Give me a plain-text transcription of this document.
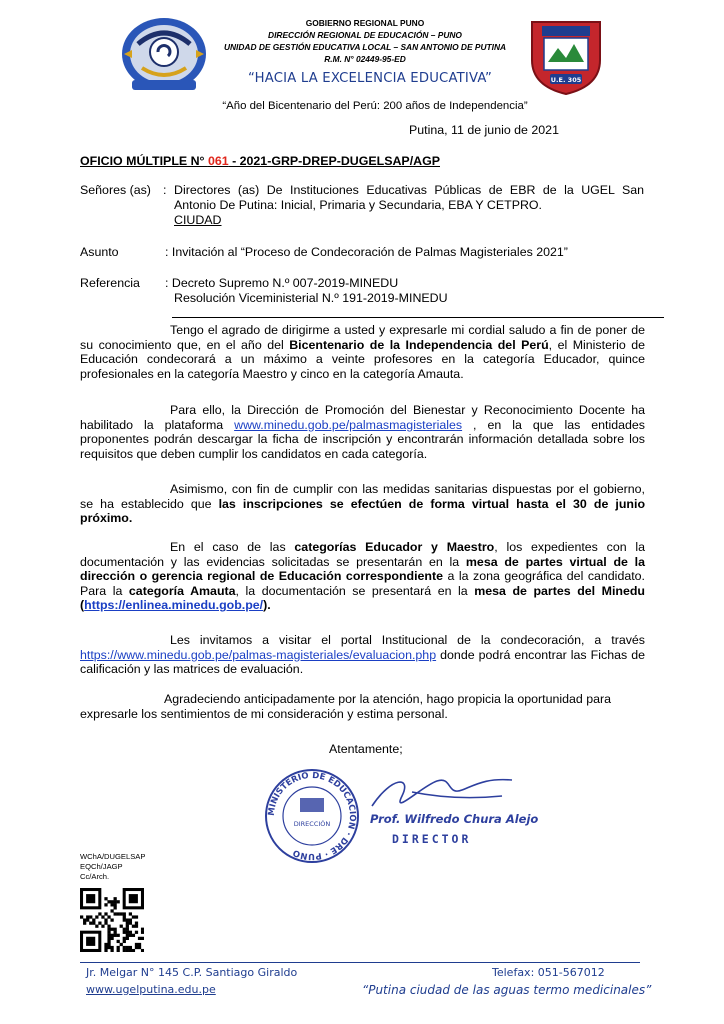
GOBIERNO REGIONAL PUNO
DIRECCIÓN REGIONAL DE EDUCACIÓN – PUNO
UNIDAD DE GESTIÓN EDUCATIVA LOCAL – SAN ANTONIO DE PUTINA
R.M. N° 02449-95-ED
“HACIA LA EXCELENCIA EDUCATIVA”	U.E. 305
“Año del Bicentenario del Perú: 200 años de Independencia”
Putina, 11 de junio de 2021
OFICIO MÚLTIPLE N° 061 - 2021-GRP-DREP-DUGELSAP/AGP
Señores (as) : Directores (as) De Instituciones Educativas Públicas de EBR de la UGEL San
Antonio De Putina: Inicial, Primaria y Secundaria, EBA Y CETPRO.
CIUDAD
Asunto	: Invitación al “Proceso de Condecoración de Palmas Magisteriales 2021”
Referencia : Decreto Supremo N.º 007-2019-MINEDU
Resolución Viceministerial N.º 191-2019-MINEDU
Tengo el agrado de dirigirme a usted y expresarle mi cordial saludo a fin de poner de su conocimiento que, en el año del Bicentenario de la Independencia del Perú, el Ministerio de Educación condecorará a un máximo a veinte profesores en la categoría Educador, quince profesionales en la categoría Maestro y cinco en la categoría Amauta.
Para ello, la Dirección de Promoción del Bienestar y Reconocimiento Docente ha habilitado la plataforma www.minedu.gob.pe/palmasmagisteriales , en la que las entidades proponentes podrán descargar la ficha de inscripción y encontrarán información detallada sobre los requisitos que deben cumplir los candidatos en cada categoría.
Asimismo, con fin de cumplir con las medidas sanitarias dispuestas por el gobierno, se ha establecido que las inscripciones se efectúen de forma virtual hasta el 30 de junio próximo.
En el caso de las categorías Educador y Maestro, los expedientes con la documentación y las evidencias solicitadas se presentarán en la mesa de partes virtual de la dirección o gerencia regional de Educación correspondiente a la zona geográfica del candidato. Para la categoría Amauta, la documentación se presentará en la mesa de partes del Minedu (https://enlinea.minedu.gob.pe/).
Les invitamos a visitar el portal Institucional de la condecoración, a través https://www.minedu.gob.pe/palmas-magisteriales/evaluacion.php donde podrá encontrar las Fichas de calificación y las matrices de evaluación.
Agradeciendo anticipadamente por la atención, hago propicia la oportunidad para expresarle los sentimientos de mi consideración y estima personal.
Atentamente;
MINISTERIO DE EDUCACIÓN · DRE · PUNO
DIRECCIÓN	Prof. Wilfredo Chura Alejo
DIRECTOR
WChA/DUGELSAP
EQCh/JAGP
Cc/Arch.
Jr. Melgar N° 145 C.P. Santiago Giraldo	Telefax: 051-567012
www.ugelputina.edu.pe	“Putina ciudad de las aguas termo medicinales”
